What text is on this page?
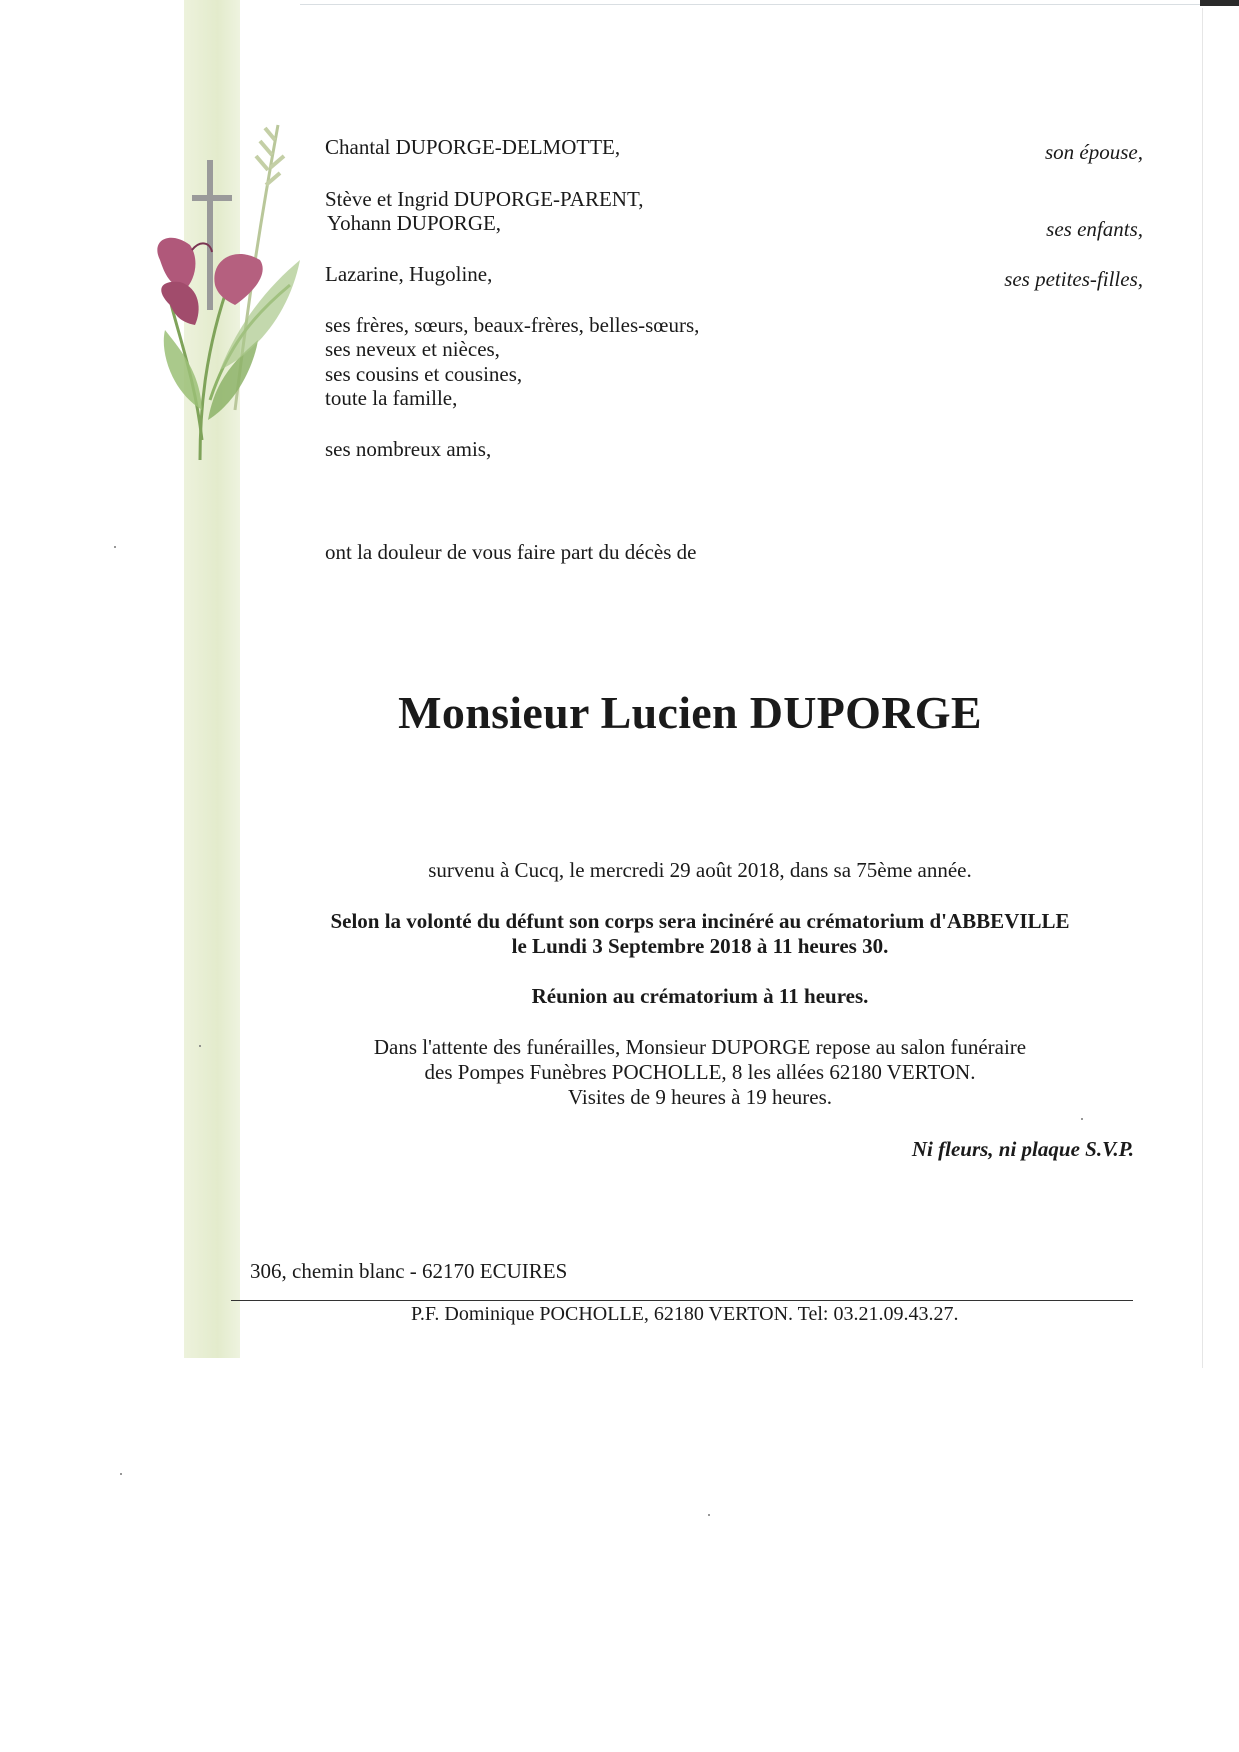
Chantal DUPORGE-DELMOTTE,	son épouse,
Stève et Ingrid DUPORGE-PARENT,
Yohann DUPORGE,	ses enfants,
Lazarine, Hugoline,	ses petites-filles,
ses frères, sœurs, beaux-frères, belles-sœurs,
ses neveux et nièces,
ses cousins et cousines,
toute la famille,
ses nombreux amis,
ont la douleur de vous faire part du décès de
Monsieur Lucien DUPORGE
survenu à Cucq, le mercredi 29 août 2018, dans sa 75ème année.
Selon la volonté du défunt son corps sera incinéré au crématorium d'ABBEVILLE
le Lundi 3 Septembre 2018 à 11 heures 30.
Réunion au crématorium à 11 heures.
Dans l'attente des funérailles, Monsieur DUPORGE repose au salon funéraire
des Pompes Funèbres POCHOLLE, 8 les allées 62180 VERTON.
Visites de 9 heures à 19 heures.
Ni fleurs, ni plaque S.V.P.
306, chemin blanc - 62170 ECUIRES
P.F. Dominique POCHOLLE, 62180 VERTON. Tel: 03.21.09.43.27.
